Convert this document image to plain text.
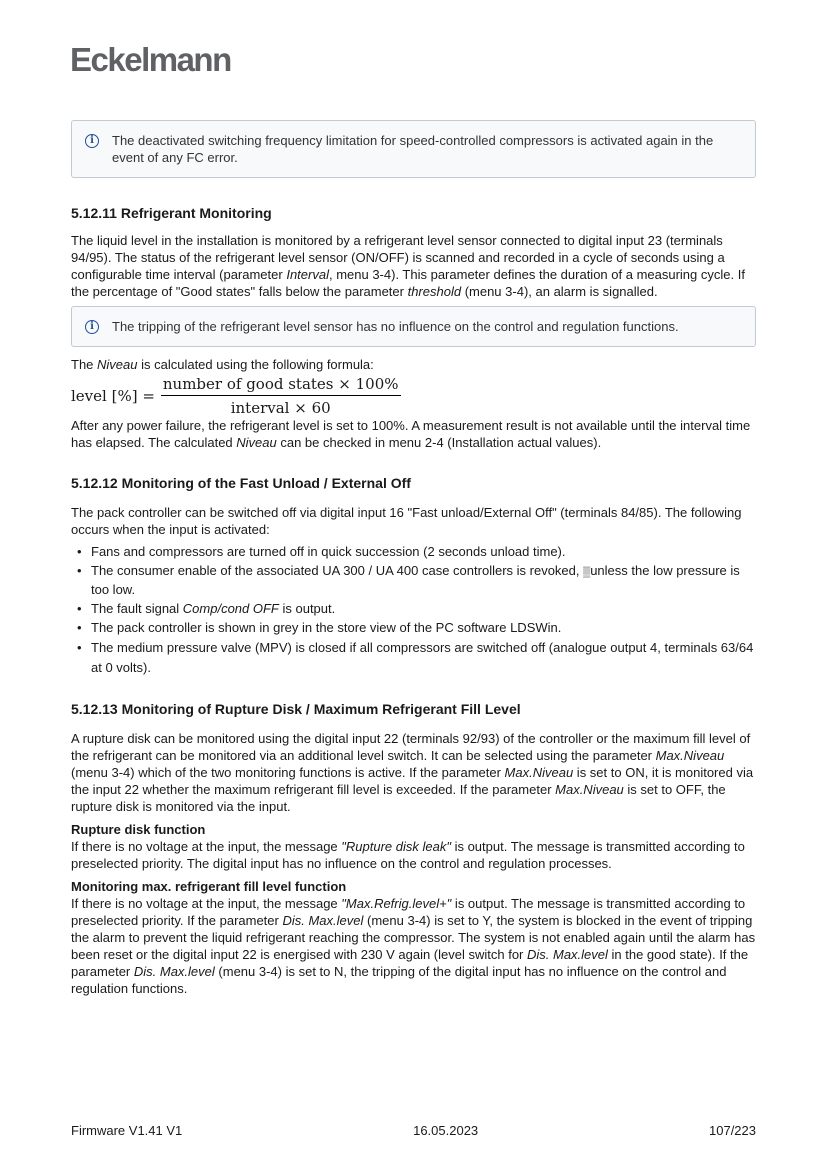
Eckelmann
i	The deactivated switching frequency limitation for speed-controlled compressors is activated again in the event of any FC error.
5.12.11 Refrigerant Monitoring

The liquid level in the installation is monitored by a refrigerant level sensor connected to digital input 23 (terminals 94/95). The status of the refrigerant level sensor (ON/OFF) is scanned and recorded in a cycle of seconds using a configurable time interval (parameter Interval, menu 3-4). This parameter defines the duration of a measuring cycle. If the percentage of "Good states" falls below the parameter threshold (menu 3-4), an alarm is signalled.

i	The tripping of the refrigerant level sensor has no influence on the control and regulation functions.

The Niveau is calculated using the following formula:

level [%] = $\frac{\text{number of good states × 100\%}}{\text{interval × 60}}$

After any power failure, the refrigerant level is set to 100%. A measurement result is not available until the interval time has elapsed. The calculated Niveau can be checked in menu 2-4 (Installation actual values).

5.12.12 Monitoring of the Fast Unload / External Off

The pack controller can be switched off via digital input 16 "Fast unload/External Off" (terminals 84/85). The following occurs when the input is activated:

• Fans and compressors are turned off in quick succession (2 seconds unload time).
• The consumer enable of the associated UA 300 / UA 400 case controllers is revoked, ▒unless the low pressure is too low.
• The fault signal Comp/cond OFF is output.
• The pack controller is shown in grey in the store view of the PC software LDSWin.
• The medium pressure valve (MPV) is closed if all compressors are switched off (analogue output 4, terminals 63/64 at 0 volts).
5.12.13 Monitoring of Rupture Disk / Maximum Refrigerant Fill Level

A rupture disk can be monitored using the digital input 22 (terminals 92/93) of the controller or the maximum fill level of the refrigerant can be monitored via an additional level switch. It can be selected using the parameter Max.Niveau (menu 3-4) which of the two monitoring functions is active. If the parameter Max.Niveau is set to ON, it is monitored via the input 22 whether the maximum refrigerant fill level is exceeded. If the parameter Max.Niveau is set to OFF, the rupture disk is monitored via the input.

Rupture disk function

If there is no voltage at the input, the message "Rupture disk leak" is output. The message is transmitted according to preselected priority. The digital input has no influence on the control and regulation processes.

Monitoring max. refrigerant fill level function

If there is no voltage at the input, the message "Max.Refrig.level+" is output. The message is transmitted according to preselected priority. If the parameter Dis. Max.level (menu 3-4) is set to Y, the system is blocked in the event of tripping the alarm to prevent the liquid refrigerant reaching the compressor. The system is not enabled again until the alarm has been reset or the digital input 22 is energised with 230 V again (level switch for Dis. Max.level in the good state). If the parameter Dis. Max.level (menu 3-4) is set to N, the tripping of the digital input has no influence on the control and regulation functions.

Firmware V1.41 V1	16.05.2023	107/223
